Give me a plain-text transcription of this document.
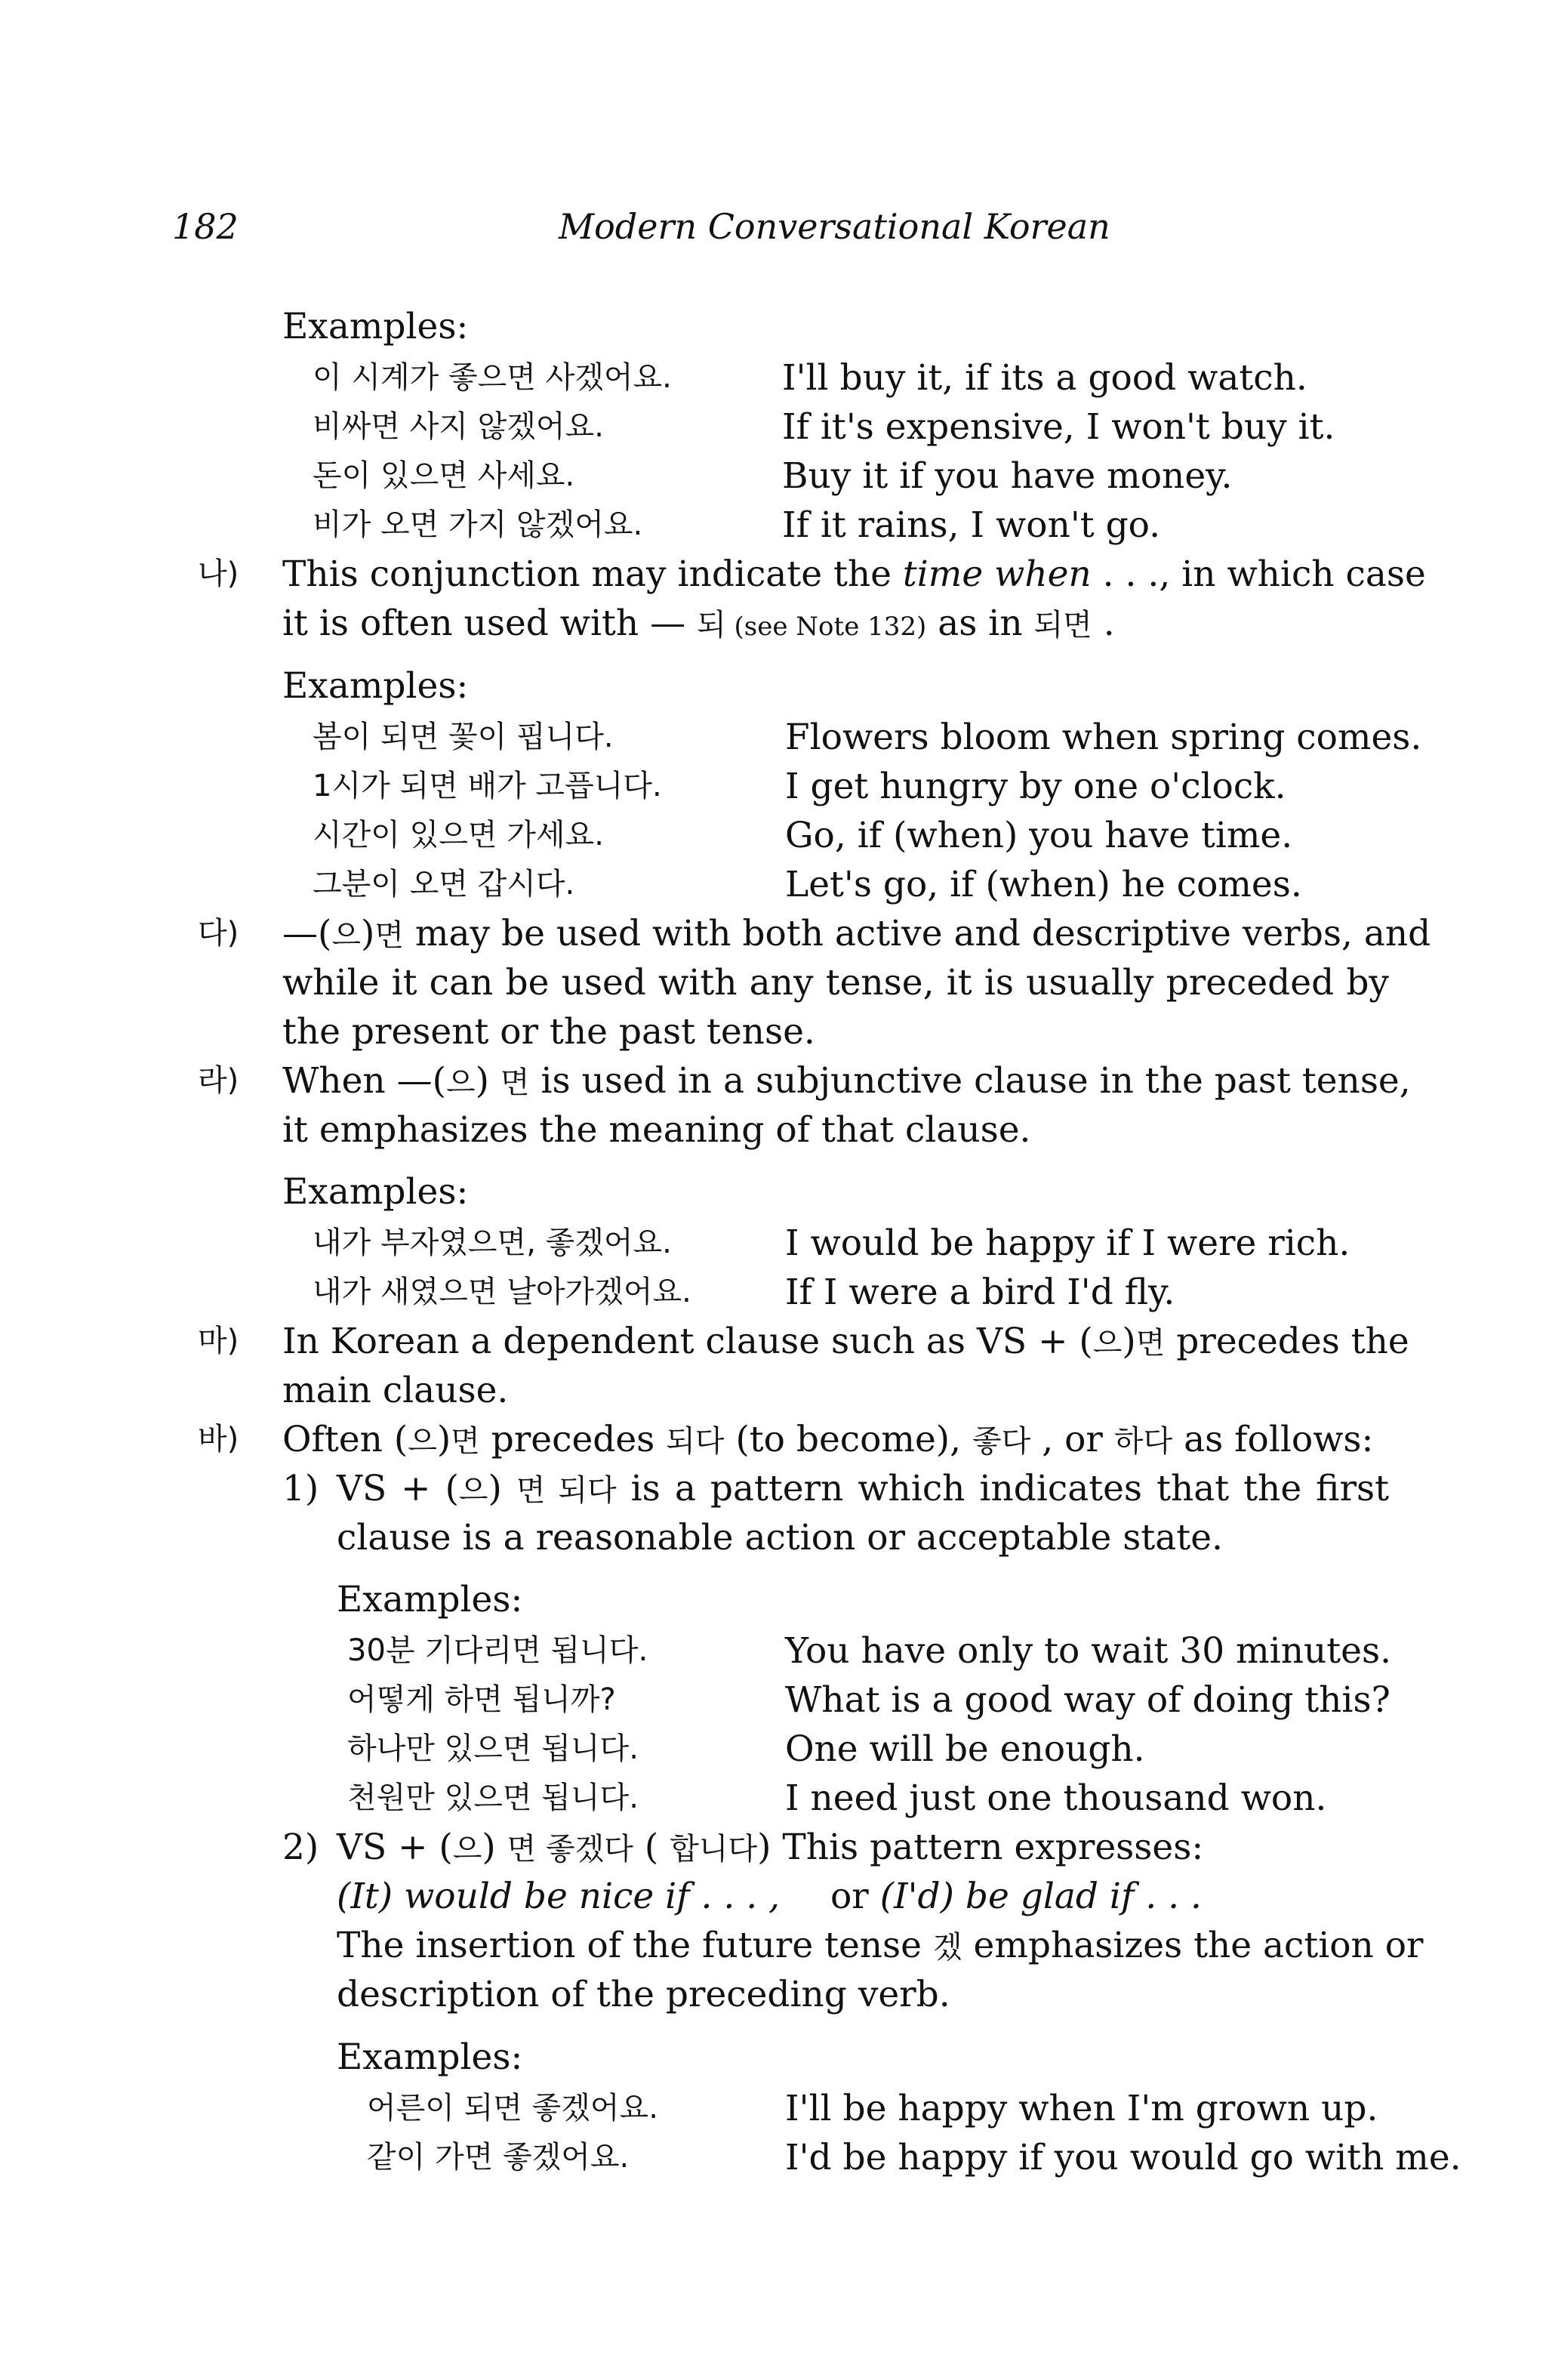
182	Modern Conversational Korean
Examples:
이 시계가 좋으면 사겠어요.	I'll buy it, if its a good watch.
비싸면 사지 않겠어요.	If it's expensive, I won't buy it.
돈이 있으면 사세요.	Buy it if you have money.
비가 오면 가지 않겠어요.	If it rains, I won't go.
나) This conjunction may indicate the time when . . ., in which case
it is often used with — 되 (see Note 132) as in 되면 .
Examples:
봄이 되면 꽃이 핍니다.	Flowers bloom when spring comes.
1시가 되면 배가 고픕니다.	I get hungry by one o'clock.
시간이 있으면 가세요.	Go, if (when) you have time.
그분이 오면 갑시다.	Let's go, if (when) he comes.
다) —(으)면 may be used with both active and descriptive verbs, and
while it can be used with any tense, it is usually preceded by
the present or the past tense.
라) When —(으) 면 is used in a subjunctive clause in the past tense,
it emphasizes the meaning of that clause.
Examples:
내가 부자였으면, 좋겠어요.	I would be happy if I were rich.
내가 새였으면 날아가겠어요.	If I were a bird I'd fly.
마) In Korean a dependent clause such as VS + (으)면 precedes the
main clause.
바) Often (으)면 precedes 되다 (to become), 좋다 , or 하다 as follows:
1) VS + (으) 면 되다 is a pattern which indicates that the first
clause is a reasonable action or acceptable state.
Examples:
30분 기다리면 됩니다.	You have only to wait 30 minutes.
어떻게 하면 됩니까?	What is a good way of doing this?
하나만 있으면 됩니다.	One will be enough.
천원만 있으면 됩니다.	I need just one thousand won.
2) VS + (으) 면 좋겠다 ( 합니다) This pattern expresses:
(It) would be nice if . . . , or (I'd) be glad if . . .
The insertion of the future tense 겠 emphasizes the action or
description of the preceding verb.
Examples:
어른이 되면 좋겠어요.	I'll be happy when I'm grown up.
같이 가면 좋겠어요.	I'd be happy if you would go with me.
